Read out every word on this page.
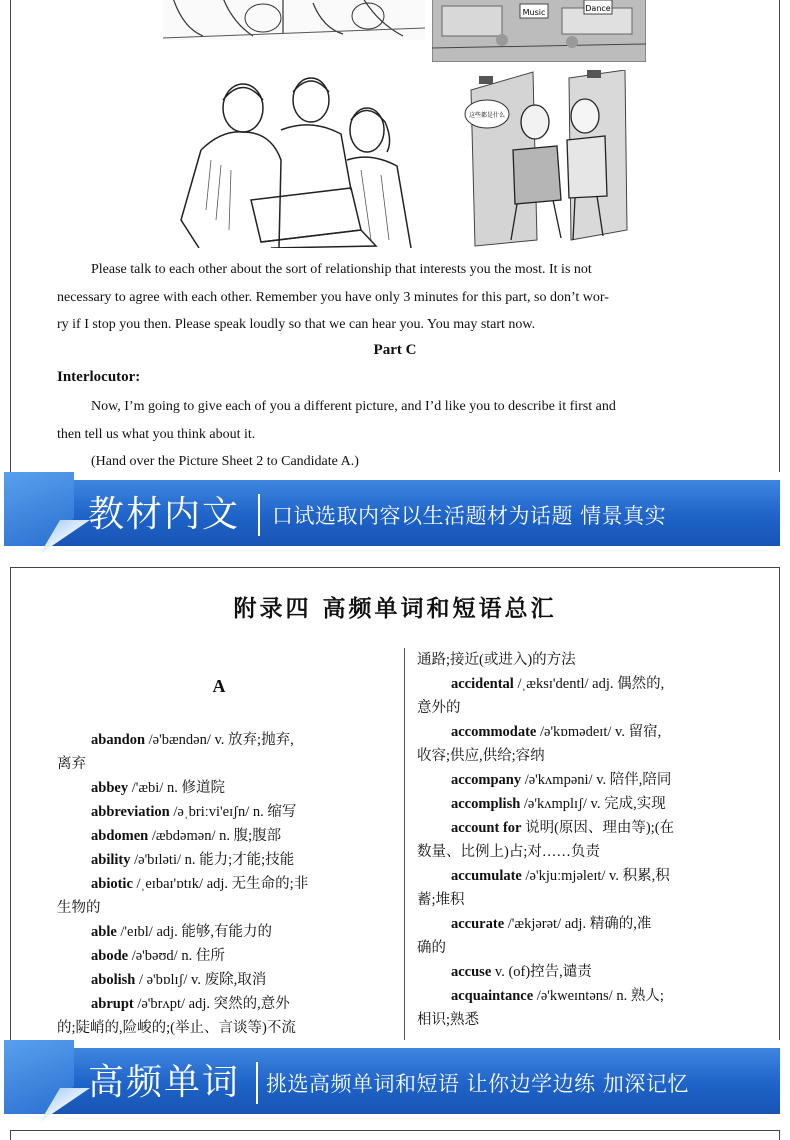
Music	Dance
这些都是什么
Please talk to each other about the sort of relationship that interests you the most. It is not
necessary to agree with each other. Remember you have only 3 minutes for this part, so don’t wor-
ry if I stop you then. Please speak loudly so that we can hear you. You may start now.
Part C
Interlocutor:
Now, I’m going to give each of you a different picture, and I’d like you to describe it first and
then tell us what you think about it.
(Hand over the Picture Sheet 2 to Candidate A.)
教材内文 口试选取内容以生活题材为话题 情景真实
附录四 高频单词和短语总汇
A
abandon /ə'bændən/ v. 放弃;抛弃,
离弃
abbey /'æbi/ n. 修道院
abbreviation /əˌbriːvi'eɪʃn/ n. 缩写
abdomen /æbdəmən/ n. 腹;腹部
ability /ə'bɪləti/ n. 能力;才能;技能
abiotic /ˌeɪbaɪ'ɒtɪk/ adj. 无生命的;非
生物的
able /'eɪbl/ adj. 能够,有能力的
abode /ə'bəʊd/ n. 住所
abolish / ə'bɒlɪʃ/ v. 废除,取消
abrupt /ə'brʌpt/ adj. 突然的,意外
的;陡峭的,险峻的;(举止、言谈等)不流
通路;接近(或进入)的方法
accidental /ˌæksɪ'dentl/ adj. 偶然的,
意外的
accommodate /ə'kɒmədeɪt/ v. 留宿,
收容;供应,供给;容纳
accompany /ə'kʌmpəni/ v. 陪伴,陪同
accomplish /ə'kʌmplɪʃ/ v. 完成,实现
account for 说明(原因、理由等);(在
数量、比例上)占;对……负责
accumulate /ə'kjuːmjəleɪt/ v. 积累,积
蓄;堆积
accurate /'ækjərət/ adj. 精确的,准
确的
accuse v. (of)控告,谴责
acquaintance /ə'kweɪntəns/ n. 熟人;
相识;熟悉
高频单词 挑选高频单词和短语 让你边学边练 加深记忆
